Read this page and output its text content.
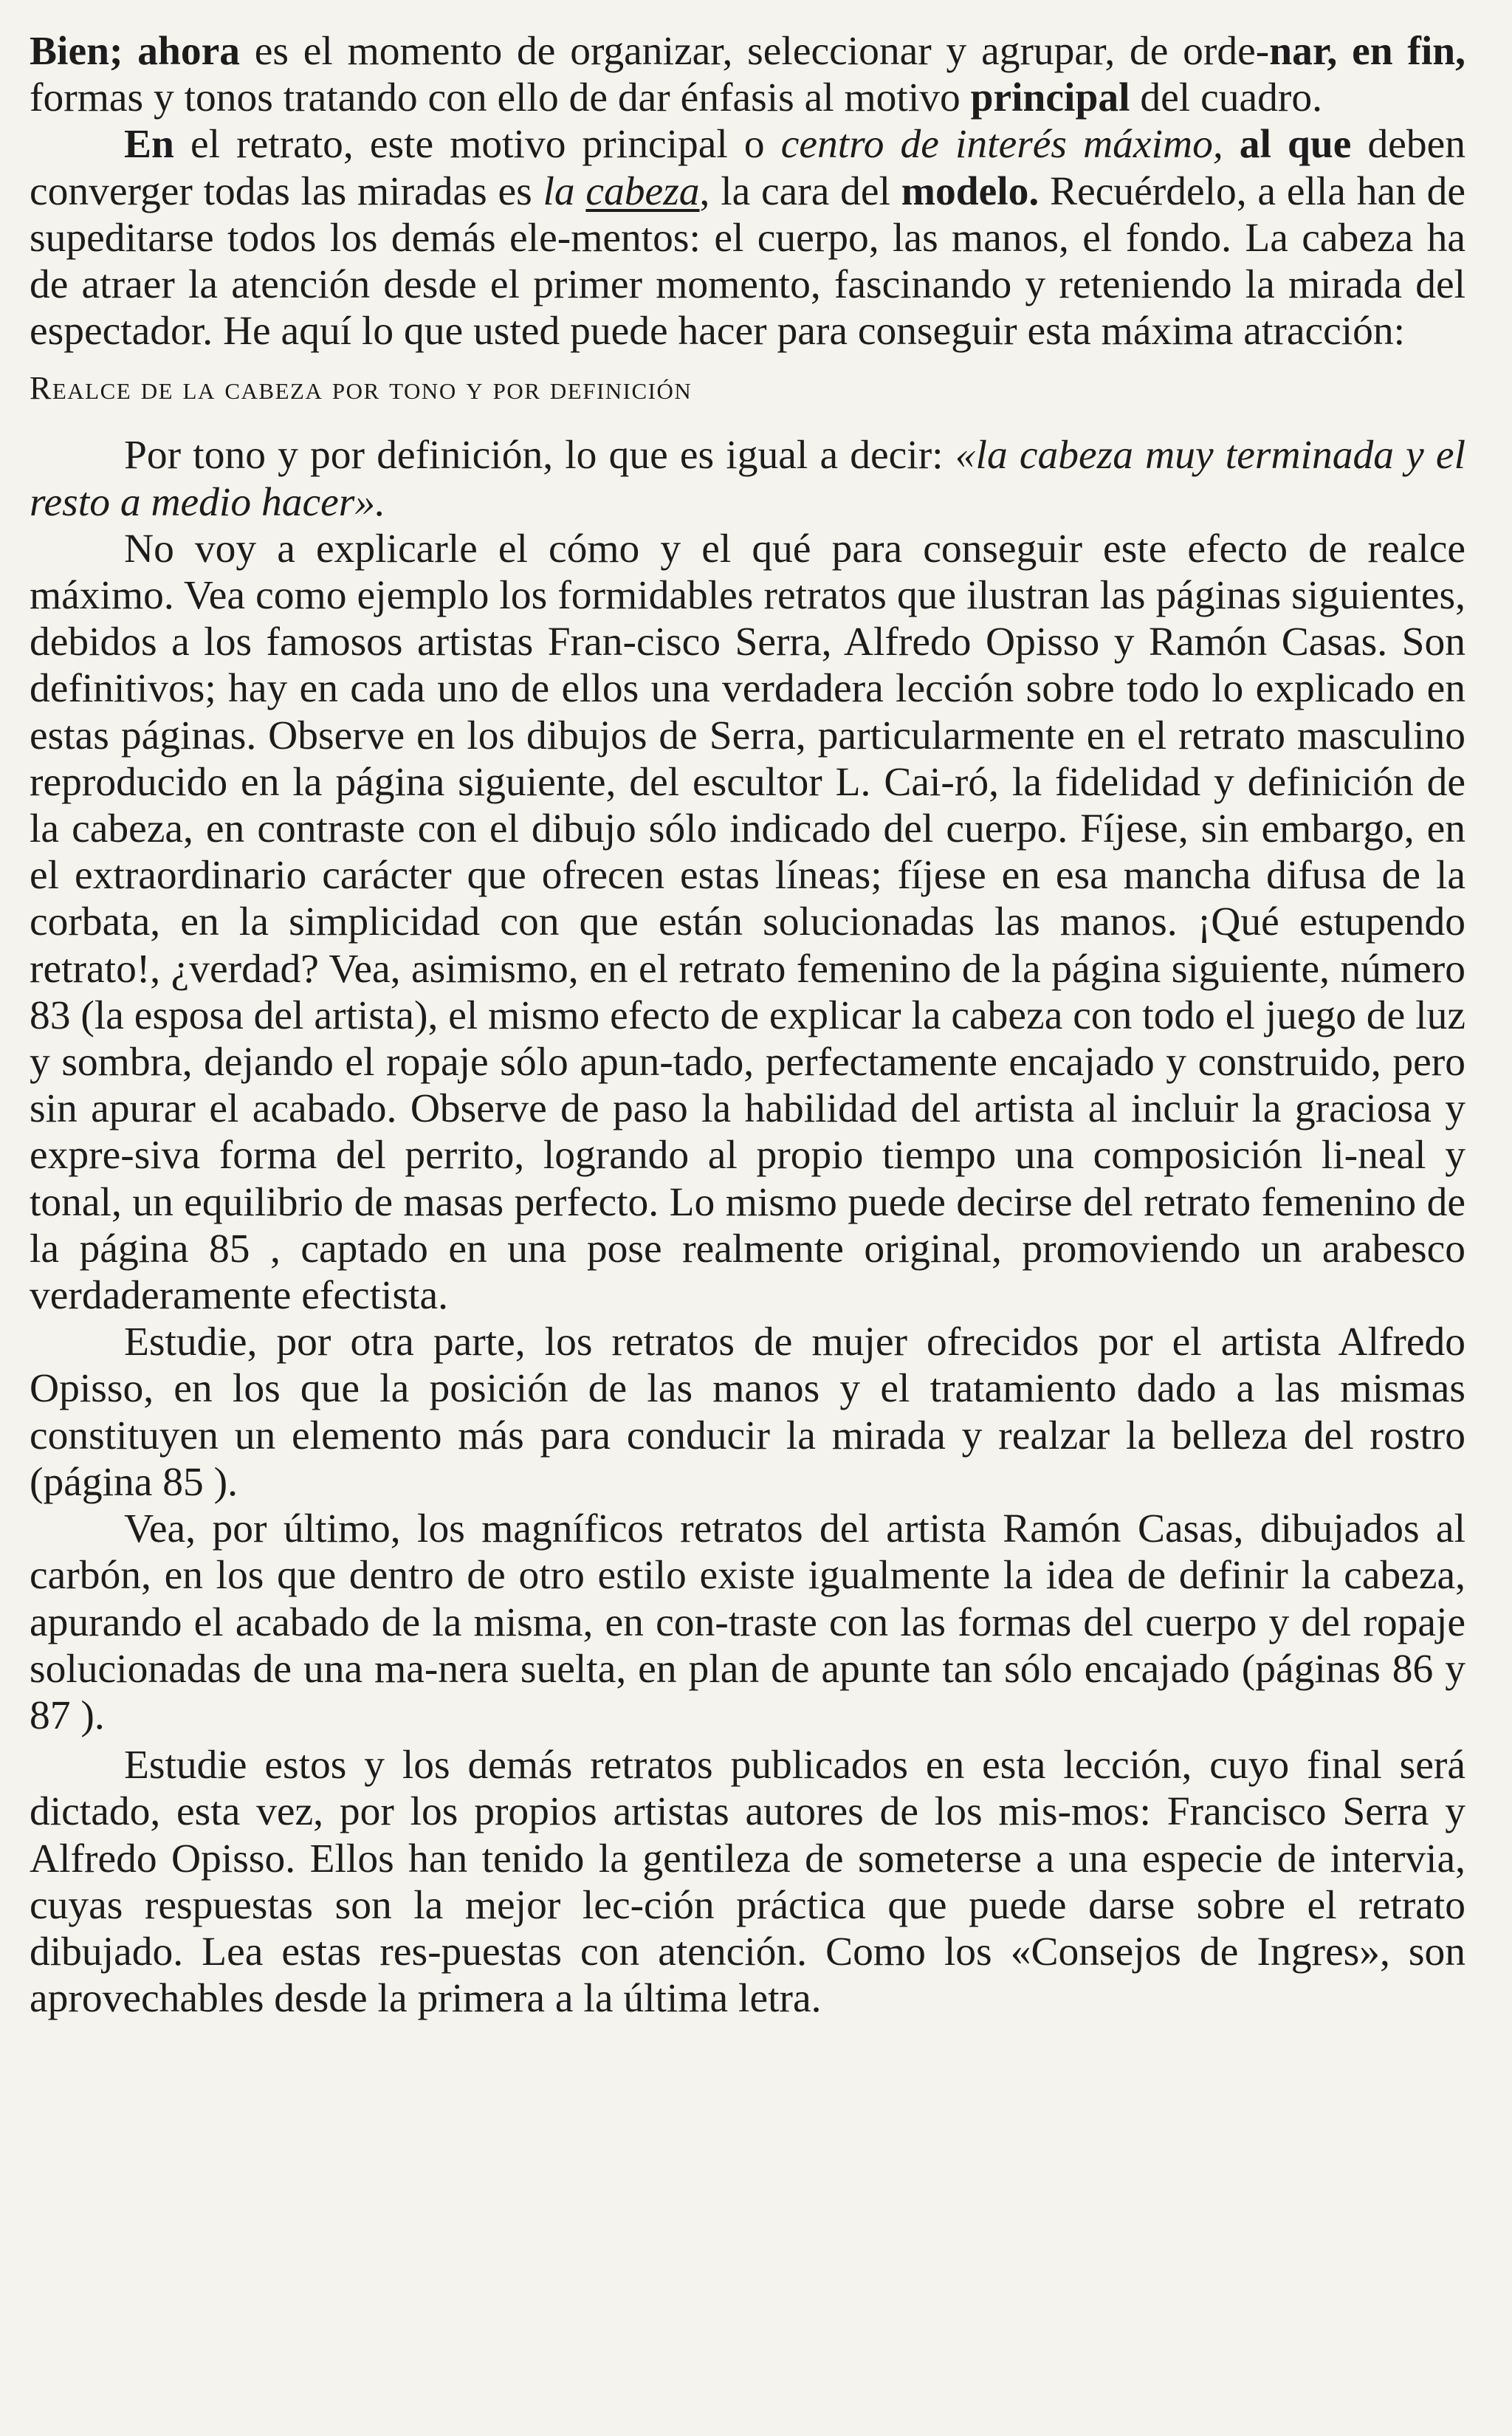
Bien; ahora es el momento de organizar, seleccionar y agrupar, de orde-nar, en fin, formas y tonos tratando con ello de dar énfasis al motivo principal del cuadro.

En el retrato, este motivo principal o centro de interés máximo, al que deben converger todas las miradas es la cabeza, la cara del modelo. Recuérdelo, a ella han de supeditarse todos los demás ele-mentos: el cuerpo, las manos, el fondo. La cabeza ha de atraer la atención desde el primer momento, fascinando y reteniendo la mirada del espectador. He aquí lo que usted puede hacer para conseguir esta máxima atracción:

Realce de la cabeza por tono y por definición

Por tono y por definición, lo que es igual a decir: «la cabeza muy terminada y el resto a medio hacer».

No voy a explicarle el cómo y el qué para conseguir este efecto de realce máximo. Vea como ejemplo los formidables retratos que ilustran las páginas siguientes, debidos a los famosos artistas Fran-cisco Serra, Alfredo Opisso y Ramón Casas. Son definitivos; hay en cada uno de ellos una verdadera lección sobre todo lo explicado en estas páginas. Observe en los dibujos de Serra, particularmente en el retrato masculino reproducido en la página siguiente, del escultor L. Cai-ró, la fidelidad y definición de la cabeza, en contraste con el dibujo sólo indicado del cuerpo. Fíjese, sin embargo, en el extraordinario carácter que ofrecen estas líneas; fíjese en esa mancha difusa de la corbata, en la simplicidad con que están solucionadas las manos. ¡Qué estupendo retrato!, ¿verdad? Vea, asimismo, en el retrato femenino de la página siguiente, número 83 (la esposa del artista), el mismo efecto de explicar la cabeza con todo el juego de luz y sombra, dejando el ropaje sólo apun-tado, perfectamente encajado y construido, pero sin apurar el acabado. Observe de paso la habilidad del artista al incluir la graciosa y expre-siva forma del perrito, logrando al propio tiempo una composición li-neal y tonal, un equilibrio de masas perfecto. Lo mismo puede decirse del retrato femenino de la página 85 , captado en una pose realmente original, promoviendo un arabesco verdaderamente efectista.

Estudie, por otra parte, los retratos de mujer ofrecidos por el artista Alfredo Opisso, en los que la posición de las manos y el tratamiento dado a las mismas constituyen un elemento más para conducir la mirada y realzar la belleza del rostro (página 85 ).

Vea, por último, los magníficos retratos del artista Ramón Casas, dibujados al carbón, en los que dentro de otro estilo existe igualmente la idea de definir la cabeza, apurando el acabado de la misma, en con-traste con las formas del cuerpo y del ropaje solucionadas de una ma-nera suelta, en plan de apunte tan sólo encajado (páginas 86 y 87 ).

Estudie estos y los demás retratos publicados en esta lección, cuyo final será dictado, esta vez, por los propios artistas autores de los mis-mos: Francisco Serra y Alfredo Opisso. Ellos han tenido la gentileza de someterse a una especie de intervia, cuyas respuestas son la mejor lec-ción práctica que puede darse sobre el retrato dibujado. Lea estas res-puestas con atención. Como los «Consejos de Ingres», son aprovechables desde la primera a la última letra.
